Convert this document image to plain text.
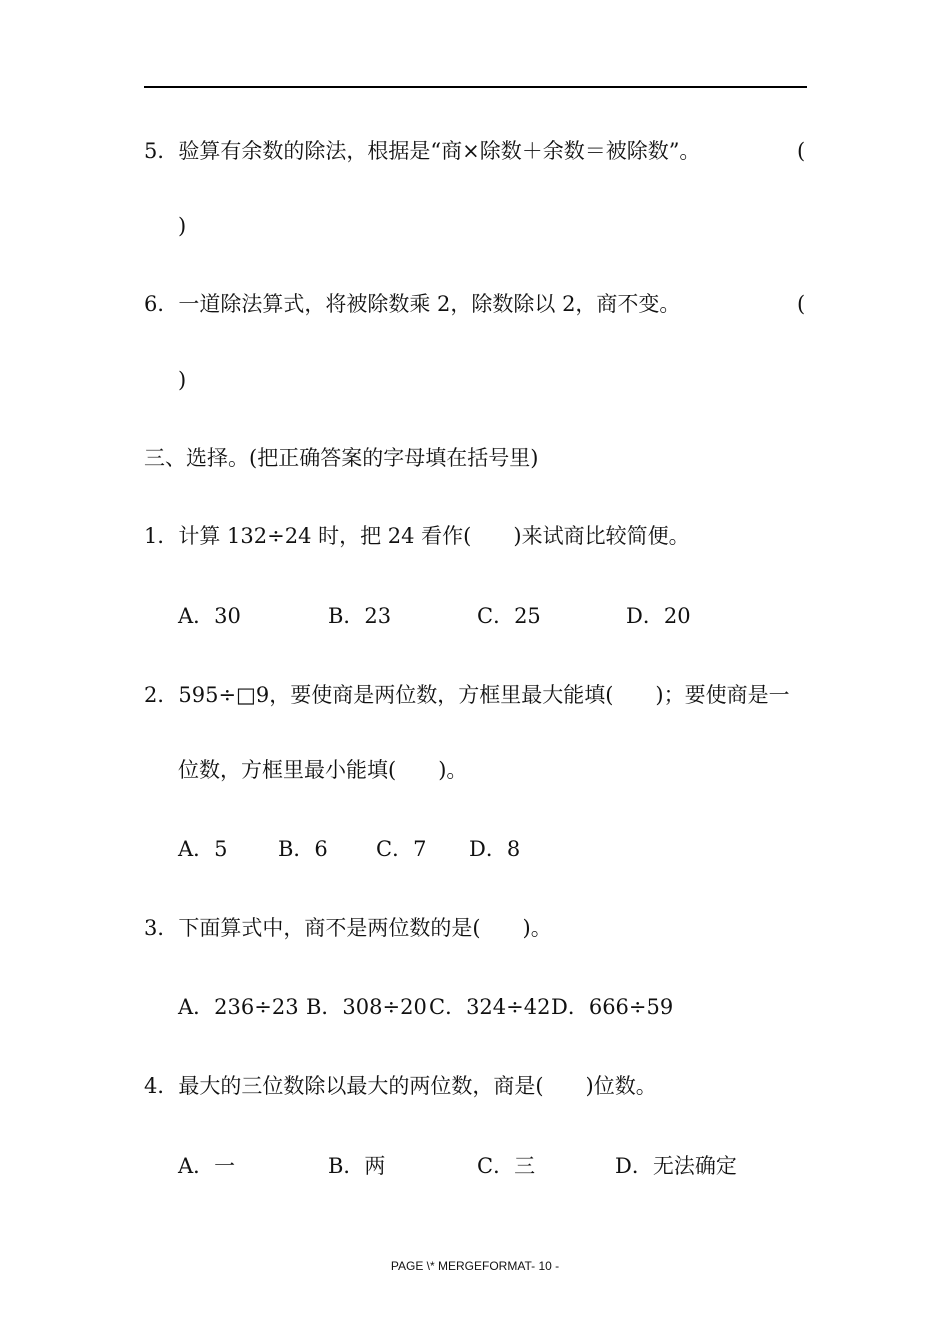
5．验算有余数的除法，根据是“商×除数＋余数＝被除数”。	(
)
6．一道除法算式，将被除数乘 2，除数除以 2，商不变。	(
)
三、选择。(把正确答案的字母填在括号里)
1．计算 132÷24 时，把 24 看作(　　)来试商比较简便。
A．30	B．23	C．25	D．20
2．595÷□9，要使商是两位数，方框里最大能填(　　)；要使商是一
位数，方框里最小能填(　　)。
A．5 B．6 C．7 D．8
3．下面算式中，商不是两位数的是(　　)。
A．236÷23 B．308÷20 C．324÷42 D．666÷59
4．最大的三位数除以最大的两位数，商是(　　)位数。
A．一	B．两	C．三	D．无法确定
PAGE \* MERGEFORMAT- 10 -
